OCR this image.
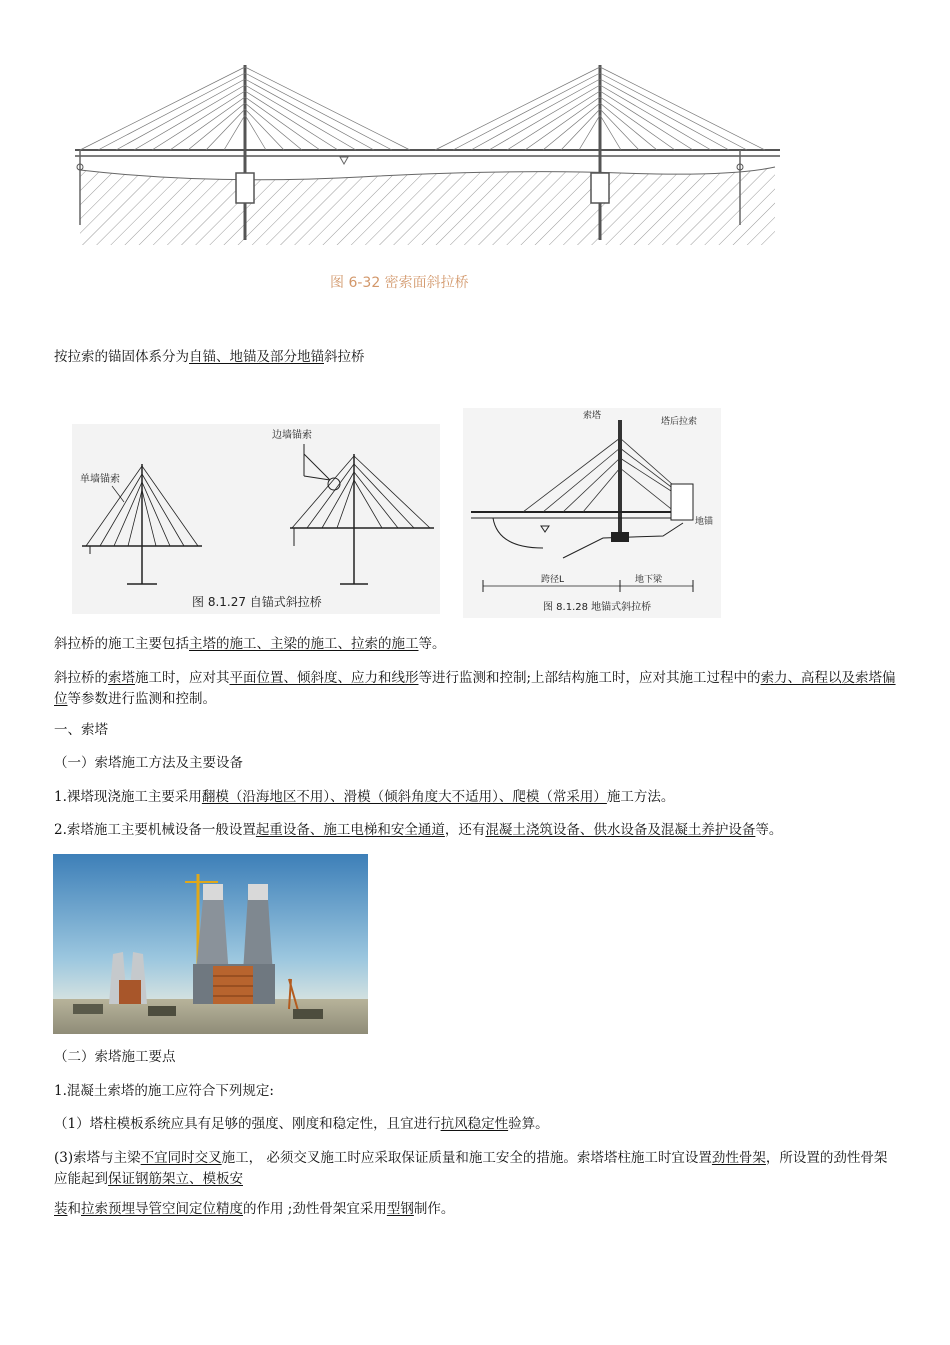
图 6-32 密索面斜拉桥
按拉索的锚固体系分为自锚、地锚及部分地锚斜拉桥
单墙锚索
边墙锚索
图 8.1.27 自锚式斜拉桥
索塔
塔后拉索
地锚
跨径L	地下梁
图 8.1.28 地锚式斜拉桥
斜拉桥的施工主要包括主塔的施工、主梁的施工、拉索的施工等。
斜拉桥的索塔施工时，应对其平面位置、倾斜度、应力和线形等进行监测和控制;上部结构施工时，应对其施工过程中的索力、高程以及索塔偏位等参数进行监测和控制。
一、索塔
（一）索塔施工方法及主要设备
1.裸塔现浇施工主要采用翻模（沿海地区不用）、滑模（倾斜角度大不适用）、爬模（常采用）施工方法。
2.索塔施工主要机械设备一般设置起重设备、施工电梯和安全通道，还有混凝土浇筑设备、供水设备及混凝土养护设备等。
（二）索塔施工要点
1.混凝土索塔的施工应符合下列规定:
（1）塔柱模板系统应具有足够的强度、刚度和稳定性，且宜进行抗风稳定性验算。
(3)索塔与主梁不宜同时交叉施工， 必须交叉施工时应采取保证质量和施工安全的措施。索塔塔柱施工时宜设置劲性骨架，所设置的劲性骨架应能起到保证钢筋架立、模板安
装和拉索预埋导管空间定位精度的作用 ;劲性骨架宜采用型钢制作。
